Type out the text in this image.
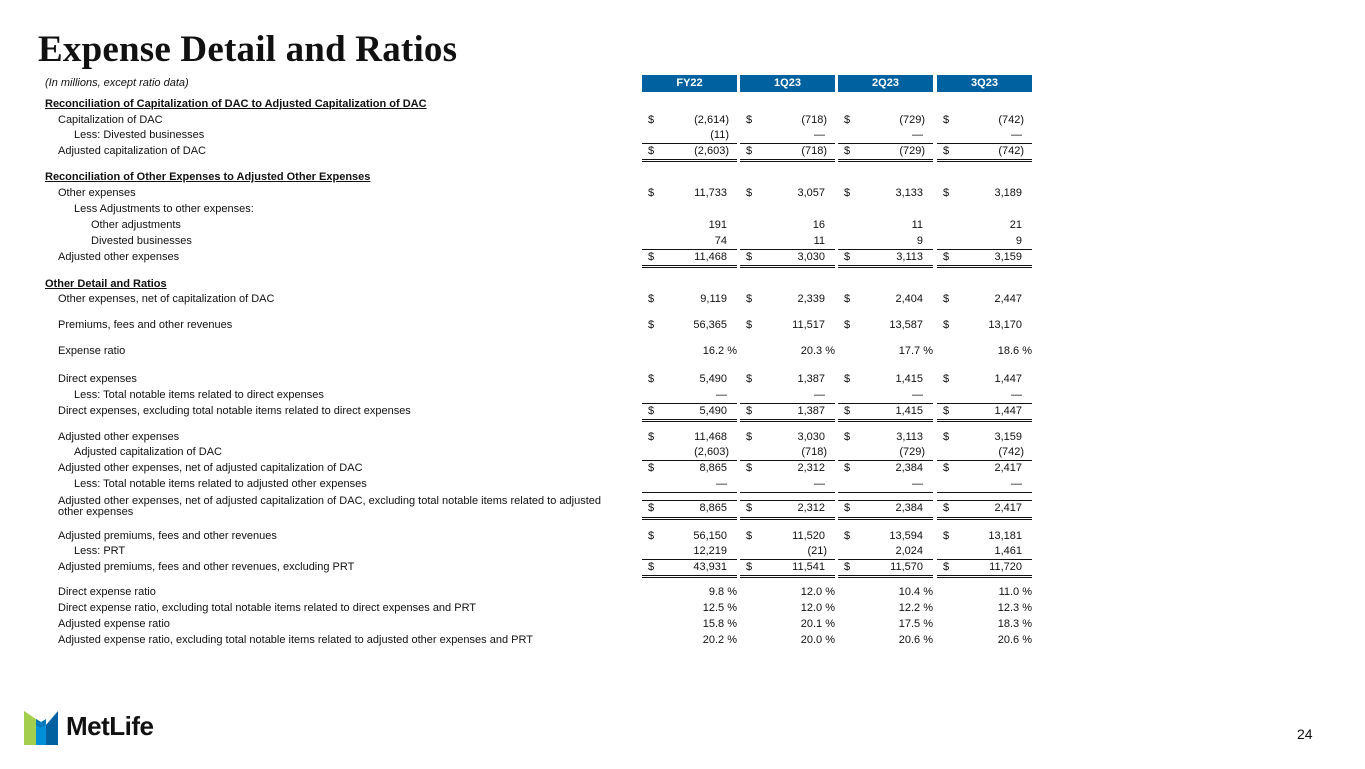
Expense Detail and Ratios
(In millions, except ratio data)	FY22	1Q23	2Q23	3Q23
Reconciliation of Capitalization of DAC to Adjusted Capitalization of DAC
Capitalization of DAC	$	(2,614) $	(718) $	(729) $	(742)
Less: Divested businesses	(11)	—	—	—
Adjusted capitalization of DAC	$	(2,603) $	(718) $	(729) $	(742)
Reconciliation of Other Expenses to Adjusted Other Expenses
Other expenses	$	11,733 $	3,057 $	3,133 $	3,189
Less Adjustments to other expenses:
Other adjustments	191	16	11	21
Divested businesses	74	11	9	9
Adjusted other expenses	$	11,468 $	3,030 $	3,113 $	3,159
Other Detail and Ratios
Other expenses, net of capitalization of DAC	$	9,119 $	2,339 $	2,404 $	2,447
Premiums, fees and other revenues	$	56,365 $	11,517 $	13,587 $	13,170
Expense ratio	16.2 %	20.3 %	17.7 %	18.6 %
Direct expenses	$	5,490 $	1,387 $	1,415 $	1,447
Less: Total notable items related to direct expenses	—	—	—	—
Direct expenses, excluding total notable items related to direct expenses	$	5,490 $	1,387 $	1,415 $	1,447
Adjusted other expenses	$	11,468 $	3,030 $	3,113 $	3,159
Adjusted capitalization of DAC	(2,603)	(718)	(729)	(742)
Adjusted other expenses, net of adjusted capitalization of DAC	$	8,865 $	2,312 $	2,384 $	2,417
Less: Total notable items related to adjusted other expenses	—	—	—	—
Adjusted other expenses, net of adjusted capitalization of DAC, excluding total notable items related to adjusted
other expenses	$	8,865 $	2,312 $	2,384 $	2,417
Adjusted premiums, fees and other revenues	$	56,150 $	11,520 $	13,594 $	13,181
Less: PRT	12,219	(21)	2,024	1,461
Adjusted premiums, fees and other revenues, excluding PRT	$	43,931 $	11,541 $	11,570 $	11,720
Direct expense ratio	9.8 %	12.0 %	10.4 %	11.0 %
Direct expense ratio, excluding total notable items related to direct expenses and PRT	12.5 %	12.0 %	12.2 %	12.3 %
Adjusted expense ratio	15.8 %	20.1 %	17.5 %	18.3 %
Adjusted expense ratio, excluding total notable items related to adjusted other expenses and PRT	20.2 %	20.0 %	20.6 %	20.6 %
MetLife	24
